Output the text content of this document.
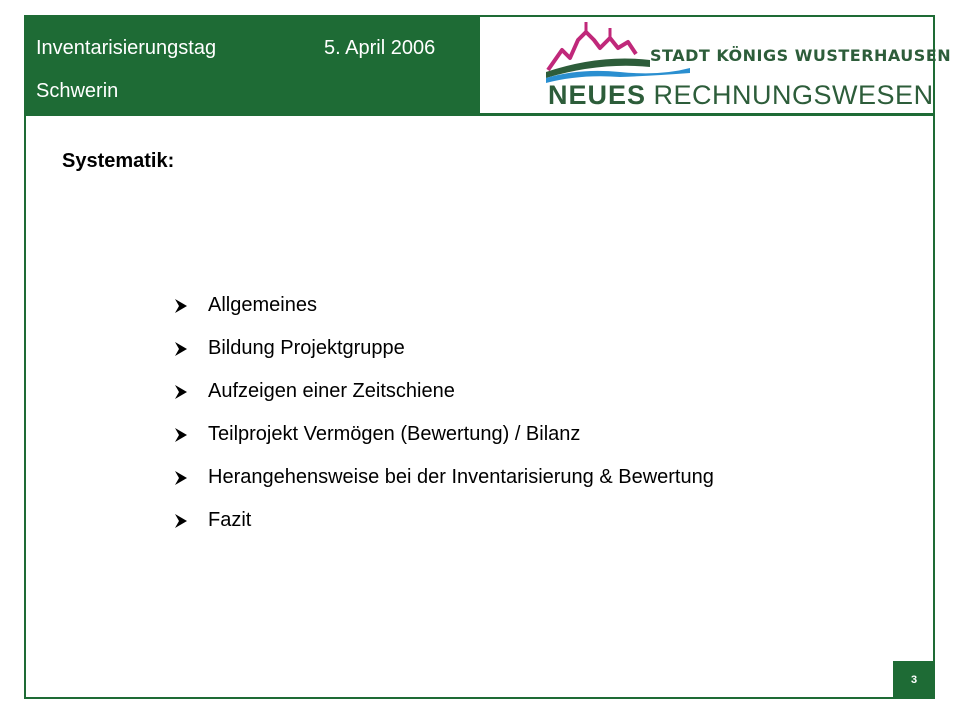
Inventarisierungstag	5. April 2006
Schwerin
STADT KÖNIGS WUSTERHAUSEN
NEUES RECHNUNGSWESEN
Systematik:
Allgemeines
Bildung Projektgruppe
Aufzeigen einer Zeitschiene
Teilprojekt Vermögen (Bewertung) / Bilanz
Herangehensweise bei der Inventarisierung & Bewertung
Fazit
3
